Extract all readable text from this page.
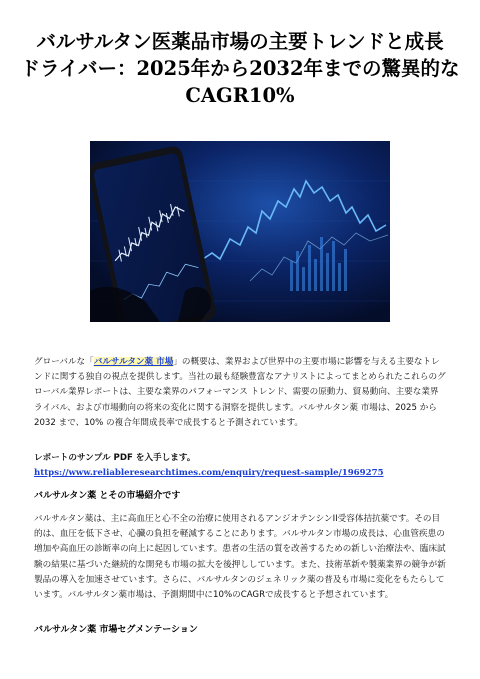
バルサルタン医薬品市場の主要トレンドと成長
ドライバー：2025年から2032年までの驚異的な
CAGR10%
グローバルな「バルサルタン薬 市場」の概要は、業界および世界中の主要市場に影響を与える主要なトレンドに関する独自の視点を提供します。当社の最も経験豊富なアナリストによってまとめられたこれらのグローバル業界レポートは、主要な業界のパフォーマンス トレンド、需要の原動力、貿易動向、主要な業界ライバル、および市場動向の将来の変化に関する洞察を提供します。バルサルタン薬 市場は、2025 から 2032 まで、10% の複合年間成長率で成長すると予測されています。
レポートのサンプル PDF を入手します。 https://www.reliableresearchtimes.com/enquiry/request-sample/1969275
バルサルタン薬 とその市場紹介です
バルサルタン薬は、主に高血圧と心不全の治療に使用されるアンジオテンシンII受容体拮抗薬です。その目的は、血圧を低下させ、心臓の負担を軽減することにあります。バルサルタン市場の成長は、心血管疾患の増加や高血圧の診断率の向上に起因しています。患者の生活の質を改善するための新しい治療法や、臨床試験の結果に基づいた継続的な開発も市場の拡大を後押ししています。また、技術革新や製薬業界の競争が新製品の導入を加速させています。さらに、バルサルタンのジェネリック薬の普及も市場に変化をもたらしています。バルサルタン薬市場は、予測期間中に10%のCAGRで成長すると予想されています。
バルサルタン薬 市場セグメンテーション
